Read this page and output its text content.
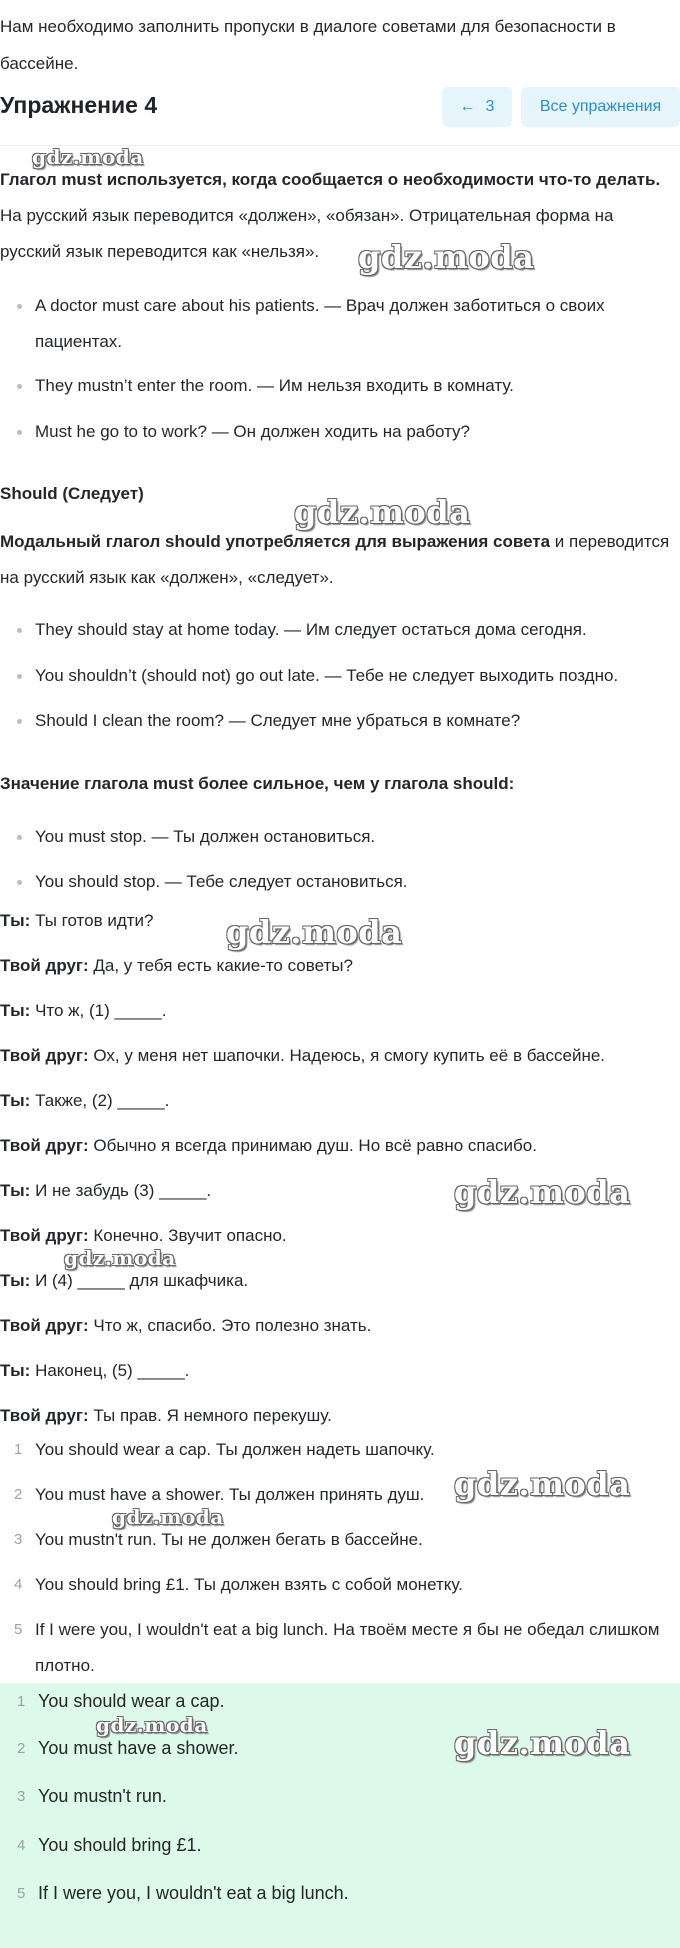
Нам необходимо заполнить пропуски в диалоге советами для безопасности в бассейне.
Упражнение 4	← 3	Все упражнения
Глагол must используется, когда сообщается о необходимости что-то делать. На русский язык переводится «должен», «обязан». Отрицательная форма на русский язык переводится как «нельзя».
A doctor must care about his patients. — Врач должен заботиться о своих пациентах.
They mustn’t enter the room. — Им нельзя входить в комнату.
Must he go to to work? — Он должен ходить на работу?
Should (Следует)
Модальный глагол should употребляется для выражения совета и переводится на русский язык как «должен», «следует».
They should stay at home today. — Им следует остаться дома сегодня.
You shouldn’t (should not) go out late. — Тебе не следует выходить поздно.
Should I clean the room? — Следует мне убраться в комнате?
Значение глагола must более сильное, чем у глагола should:
You must stop. — Ты должен остановиться.
You should stop. — Тебе следует остановиться.
Ты: Ты готов идти?
Твой друг: Да, у тебя есть какие-то советы?
Ты: Что ж, (1) _____.
Твой друг: Ох, у меня нет шапочки. Надеюсь, я смогу купить её в бассейне.
Ты: Также, (2) _____.
Твой друг: Обычно я всегда принимаю душ. Но всё равно спасибо.
Ты: И не забудь (3) _____.
Твой друг: Конечно. Звучит опасно.
Ты: И (4) _____ для шкафчика.
Твой друг: Что ж, спасибо. Это полезно знать.
Ты: Наконец, (5) _____.
Твой друг: Ты прав. Я немного перекушу.
1 You should wear a cap. Ты должен надеть шапочку.
2 You must have a shower. Ты должен принять душ.
3 You mustn't run. Ты не должен бегать в бассейне.
4 You should bring £1. Ты должен взять с собой монетку.
5 If I were you, I wouldn't eat a big lunch. На твоём месте я бы не обедал слишком плотно.
1 You should wear a cap.
2 You must have a shower.
3 You mustn't run.
4 You should bring £1.
5 If I were you, I wouldn't eat a big lunch.
gdz.moda
gdz.moda
gdz.moda
gdz.moda
gdz.moda
gdz.moda
gdz.moda
gdz.moda
gdz.moda	gdz.moda
